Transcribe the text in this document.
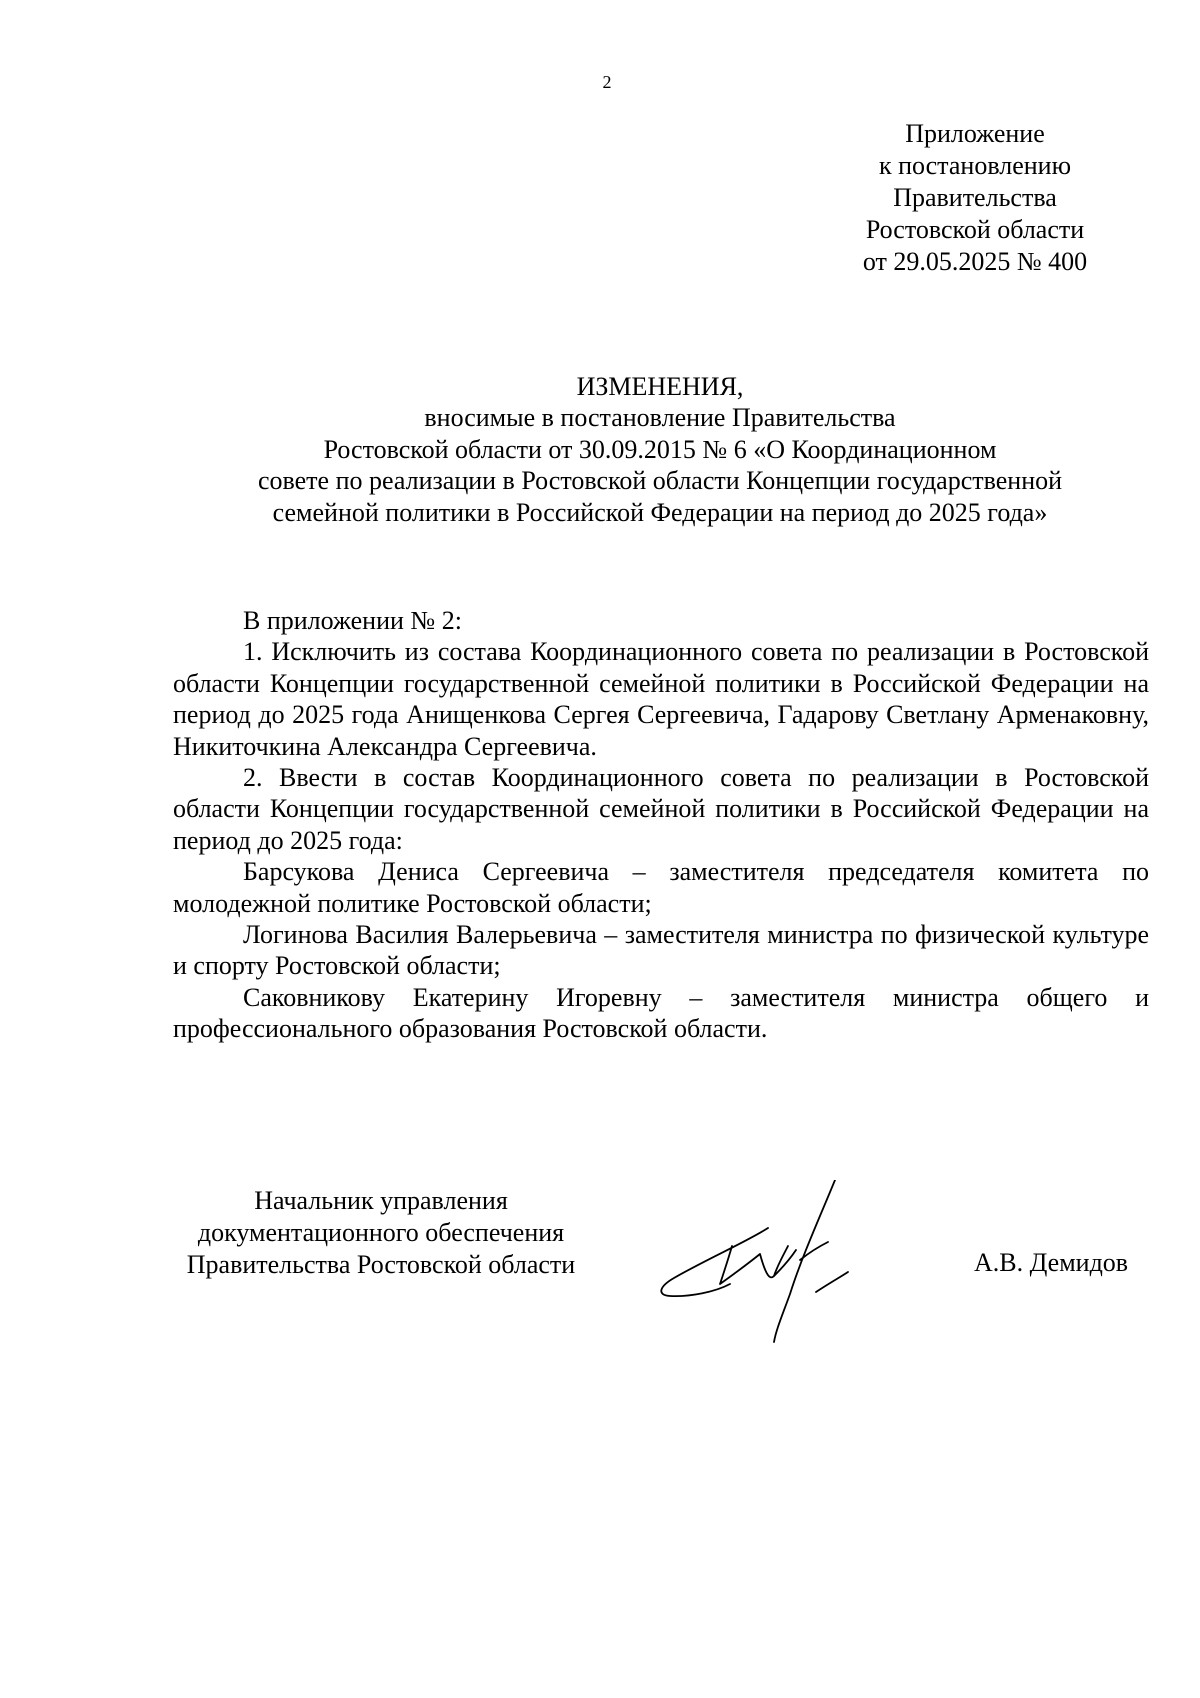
2
Приложение
к постановлению
Правительства
Ростовской области
от 29.05.2025 № 400
ИЗМЕНЕНИЯ,
вносимые в постановление Правительства
Ростовской области от 30.09.2015 № 6 «О Координационном
совете по реализации в Ростовской области Концепции государственной
семейной политики в Российской Федерации на период до 2025 года»
В приложении № 2:
1. Исключить из состава Координационного совета по реализации в Ростовской области Концепции государственной семейной политики в Российской Федерации на период до 2025 года Анищенкова Сергея Сергеевича, Гадарову Светлану Арменаковну, Никиточкина Александра Сергеевича.
2. Ввести в состав Координационного совета по реализации в Ростовской области Концепции государственной семейной политики в Российской Федерации на период до 2025 года:
Барсукова Дениса Сергеевича – заместителя председателя комитета по молодежной политике Ростовской области;
Логинова Василия Валерьевича – заместителя министра по физической культуре и спорту Ростовской области;
Саковникову Екатерину Игоревну – заместителя министра общего и профессионального образования Ростовской области.
Начальник управления
документационного обеспечения
Правительства Ростовской области	А.В. Демидов
